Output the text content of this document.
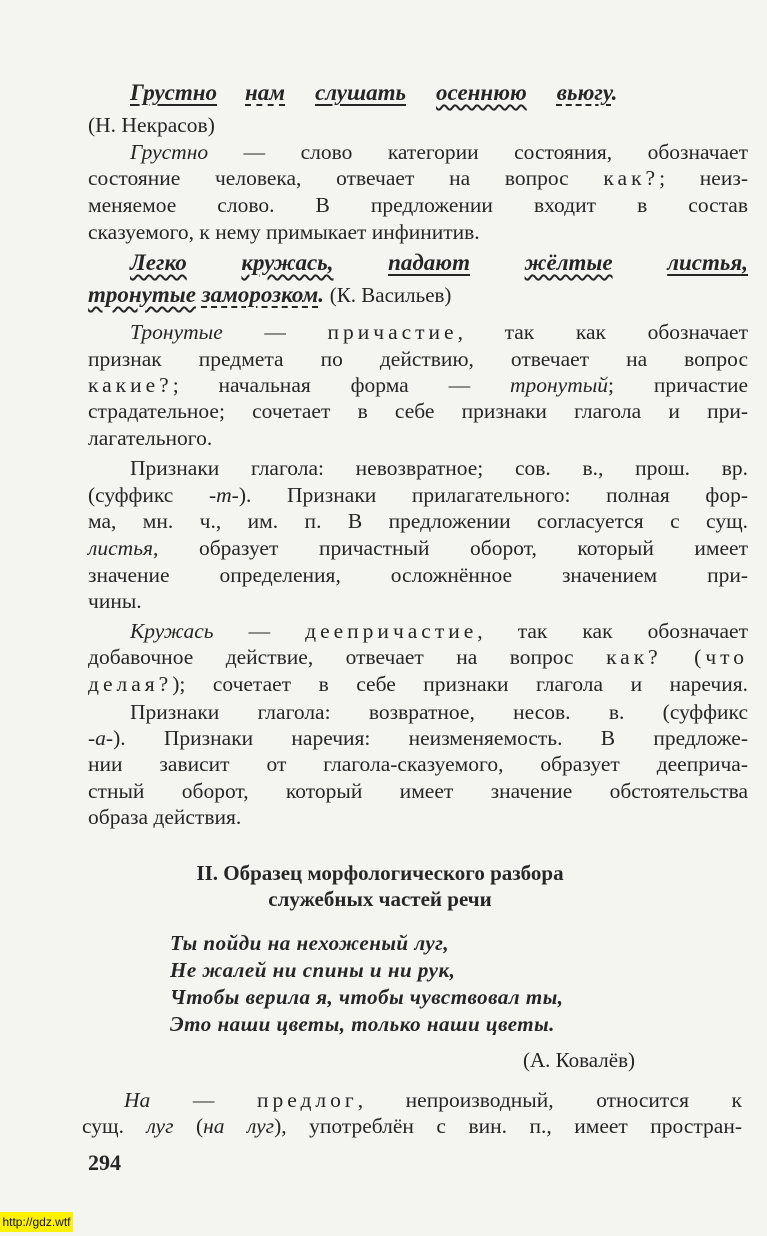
Грустно нам слушать осеннюю вьюгу.
(Н. Некрасов)
Грустно — слово категории состояния, обозначает
состояние человека, отвечает на вопрос как?; неиз-
меняемое слово. В предложении входит в состав
сказуемого, к нему примыкает инфинитив.
Легко кружась, падают жёлтые листья,
тронутые заморозком. (К. Васильев)
Тронутые — причастие, так как обозначает
признак предмета по действию, отвечает на вопрос
какие?; начальная форма — тронутый; причастие
страдательное; сочетает в себе признаки глагола и при-
лагательного.
Признаки глагола: невозвратное; сов. в., прош. вр.
(суффикс -т-). Признаки прилагательного: полная фор-
ма, мн. ч., им. п. В предложении согласуется с сущ.
листья, образует причастный оборот, который имеет
значение определения, осложнённое значением при-
чины.
Кружась — деепричастие, так как обозначает
добавочное действие, отвечает на вопрос как? (что
делая?); сочетает в себе признаки глагола и наречия.
Признаки глагола: возвратное, несов. в. (суффикс
-а-). Признаки наречия: неизменяемость. В предложе-
нии зависит от глагола-сказуемого, образует дееприча-
стный оборот, который имеет значение обстоятельства
образа действия.
II. Образец морфологического разбора
служебных частей речи
Ты пойди на нехоженый луг,
Не жалей ни спины и ни рук,
Чтобы верила я, чтобы чувствовал ты,
Это наши цветы, только наши цветы.
(А. Ковалёв)
На — предлог, непроизводный, относится к
сущ. луг (на луг), употреблён с вин. п., имеет простран-
294
http://gdz.wtf
